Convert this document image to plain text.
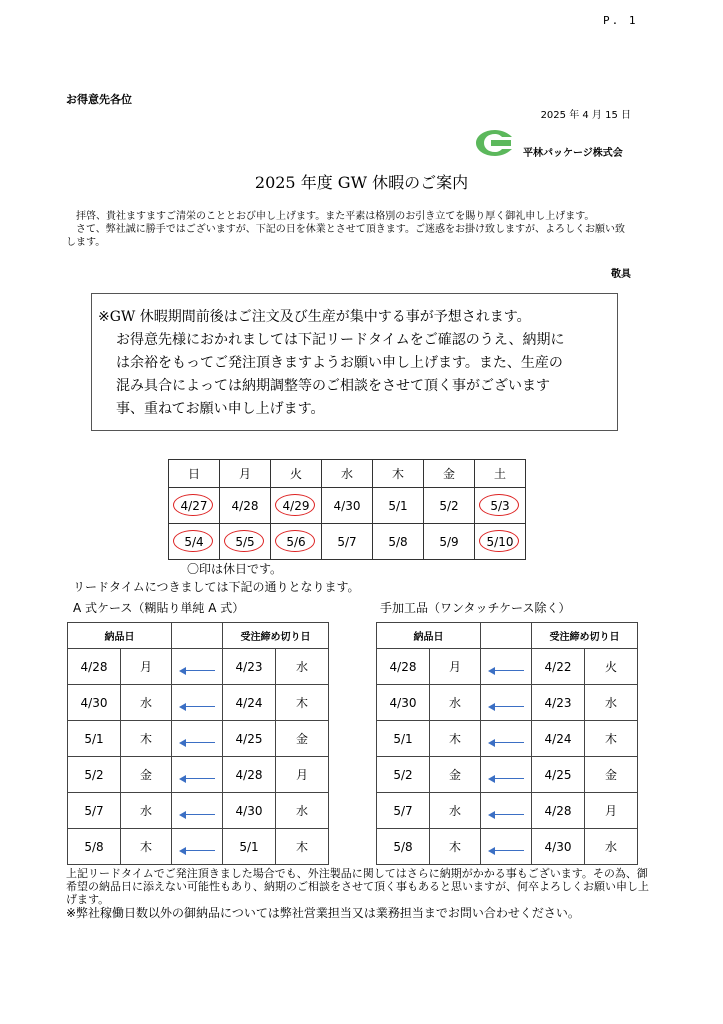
P. 1
お得意先各位
2025 年 4 月 15 日
平林パッケージ株式会
2025 年度 GW 休暇のご案内

拝啓、貴社ますますご清栄のこととおび申し上げます。また平素は格別のお引き立てを賜り厚く御礼申し上げます。

さて、弊社誠に勝手ではございますが、下記の日を休業とさせて頂きます。ご迷惑をお掛け致しますが、よろしくお願い致します。

敬具
※GW 休暇期間前後はご注文及び生産が集中する事が予想されます。
お得意先様におかれましては下記リードタイムをご確認のうえ、納期に
は余裕をもってご発注頂きますようお願い申し上げます。また、生産の
混み具合によっては納期調整等のご相談をさせて頂く事がございます
事、重ねてお願い申し上げます。
日	月	火	水	木	金	土
4/27	4/28	4/29	4/30	5/1	5/2	5/3
5/4	5/5	5/6	5/7	5/8	5/9	5/10
〇印は休日です。
リードタイムにつきましては下記の通りとなります。
A 式ケース（糊貼り単純 A 式）	手加工品（ワンタッチケース除く）
納品日			受注締め切り日	
4/28	月		4/23	水
4/30	水		4/24	木
5/1	木		4/25	金
5/2	金		4/28	月
5/7	水		4/30	水
5/8	木		5/1	木
納品日			受注締め切り日	
4/28	月		4/22	火
4/30	水		4/23	水
5/1	木		4/24	木
5/2	金		4/25	金
5/7	水		4/28	月
5/8	木		4/30	水

上記リードタイムでご発注頂きました場合でも、外注製品に関してはさらに納期がかかる事もございます。その為、御希望の納品日に添えない可能性もあり、納期のご相談をさせて頂く事もあると思いますが、何卒よろしくお願い申し上げます。

※弊社稼働日数以外の御納品については弊社営業担当又は業務担当までお問い合わせください。
